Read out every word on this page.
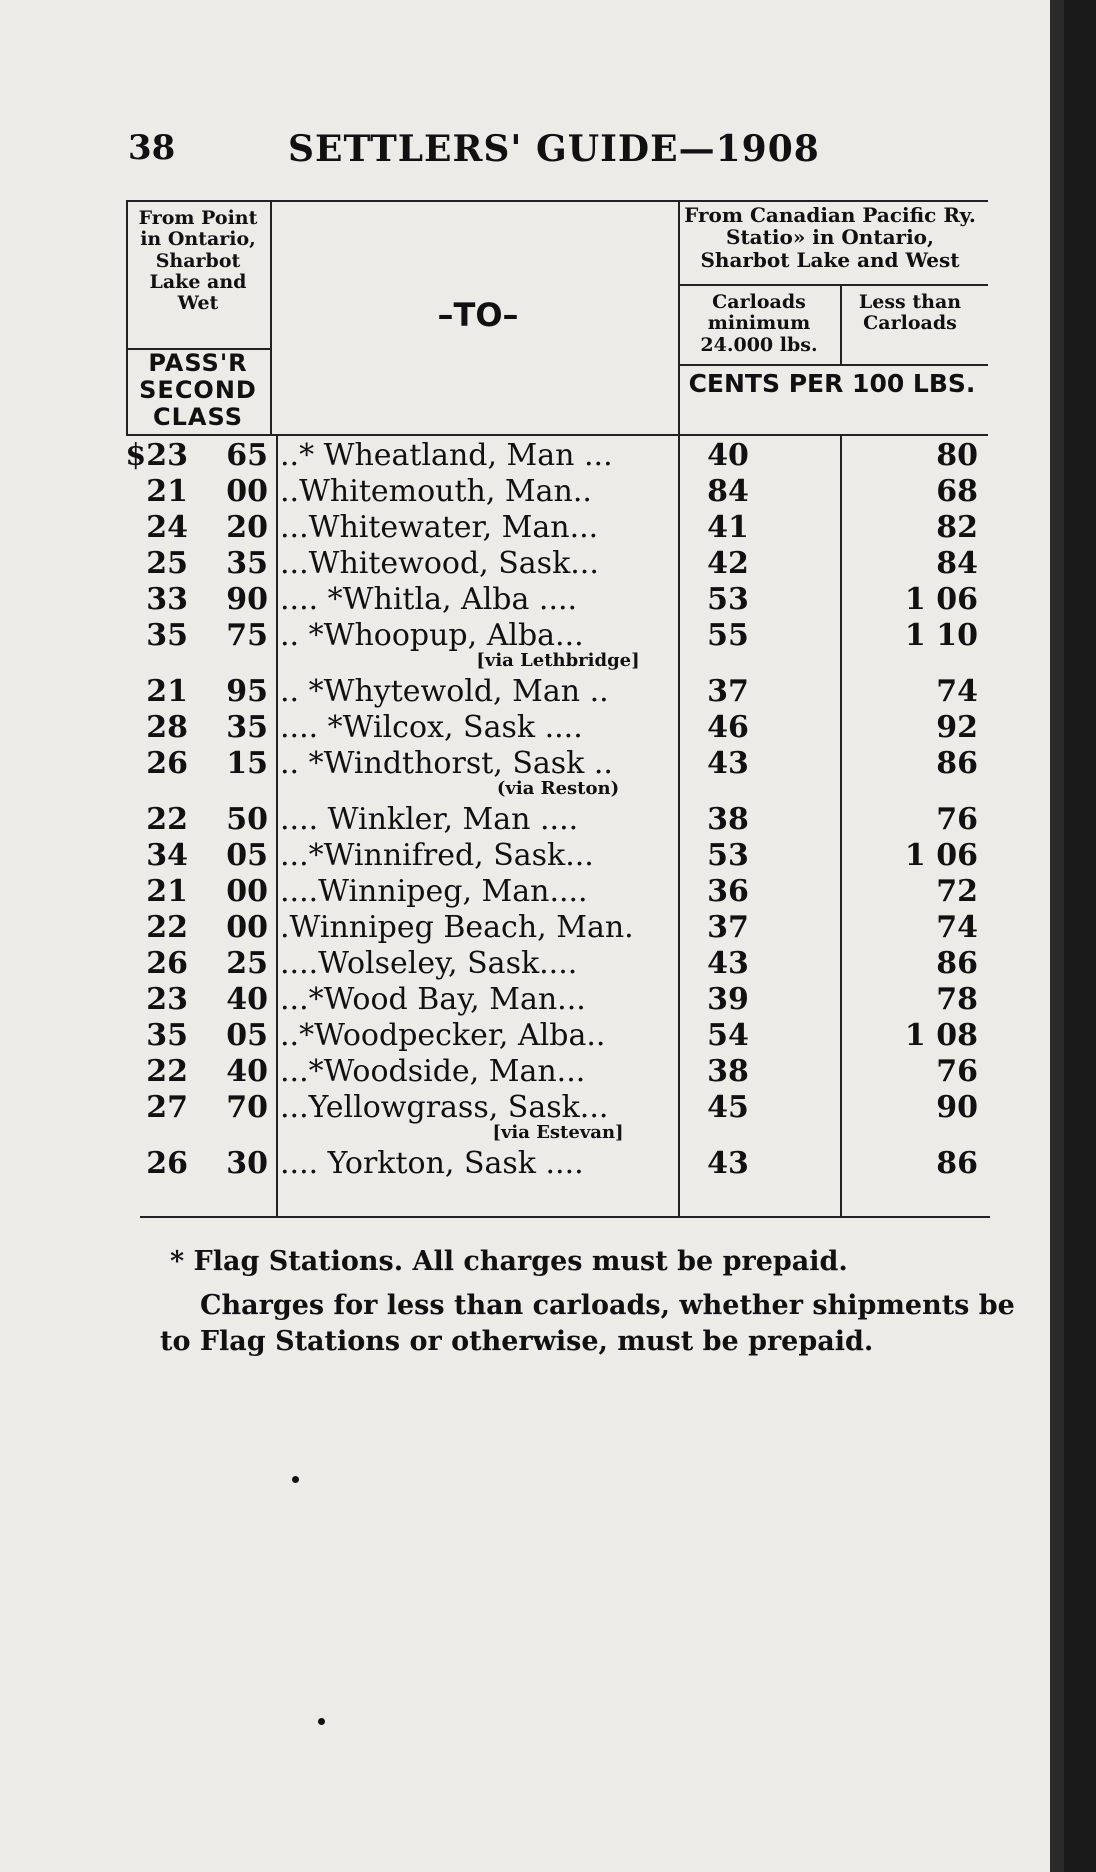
38	SETTLERS' GUIDE—1908
From Point in Ontario, Sharbot Lake and Wet
PASS'R SECOND CLASS
–TO–
From Canadian Pacific Ry. Statio» in Ontario, Sharbot Lake and West
Carloads minimum 24.000 lbs.
Less than Carloads
CENTS PER 100 LBS.
$23	65 ..* Wheatland, Man ...	40	80
21	00 ..Whitemouth, Man..	84	68
24	20 ...Whitewater, Man...	41	82
25	35 ...Whitewood, Sask...	42	84
33	90 .... *Whitla, Alba ....	53	1 06
35	75 .. *Whoopup, Alba...	55	1 10
[via Lethbridge]
21	95 .. *Whytewold, Man ..	37	74
28	35 .... *Wilcox, Sask ....	46	92
26	15 .. *Windthorst, Sask ..	43	86
(via Reston)
22	50 .... Winkler, Man ....	38	76
34	05 ...*Winnifred, Sask...	53	1 06
21	00 ....Winnipeg, Man....	36	72
22	00 .Winnipeg Beach, Man.	37	74
26	25 ....Wolseley, Sask....	43	86
23	40 ...*Wood Bay, Man...	39	78
35	05 ..*Woodpecker, Alba..	54	1 08
22	40 ...*Woodside, Man...	38	76
27	70 ...Yellowgrass, Sask...	45	90
[via Estevan]
26	30 .... Yorkton, Sask ....	43	86
* Flag Stations. All charges must be prepaid.
Charges for less than carloads, whether shipments be
to Flag Stations or otherwise, must be prepaid.
